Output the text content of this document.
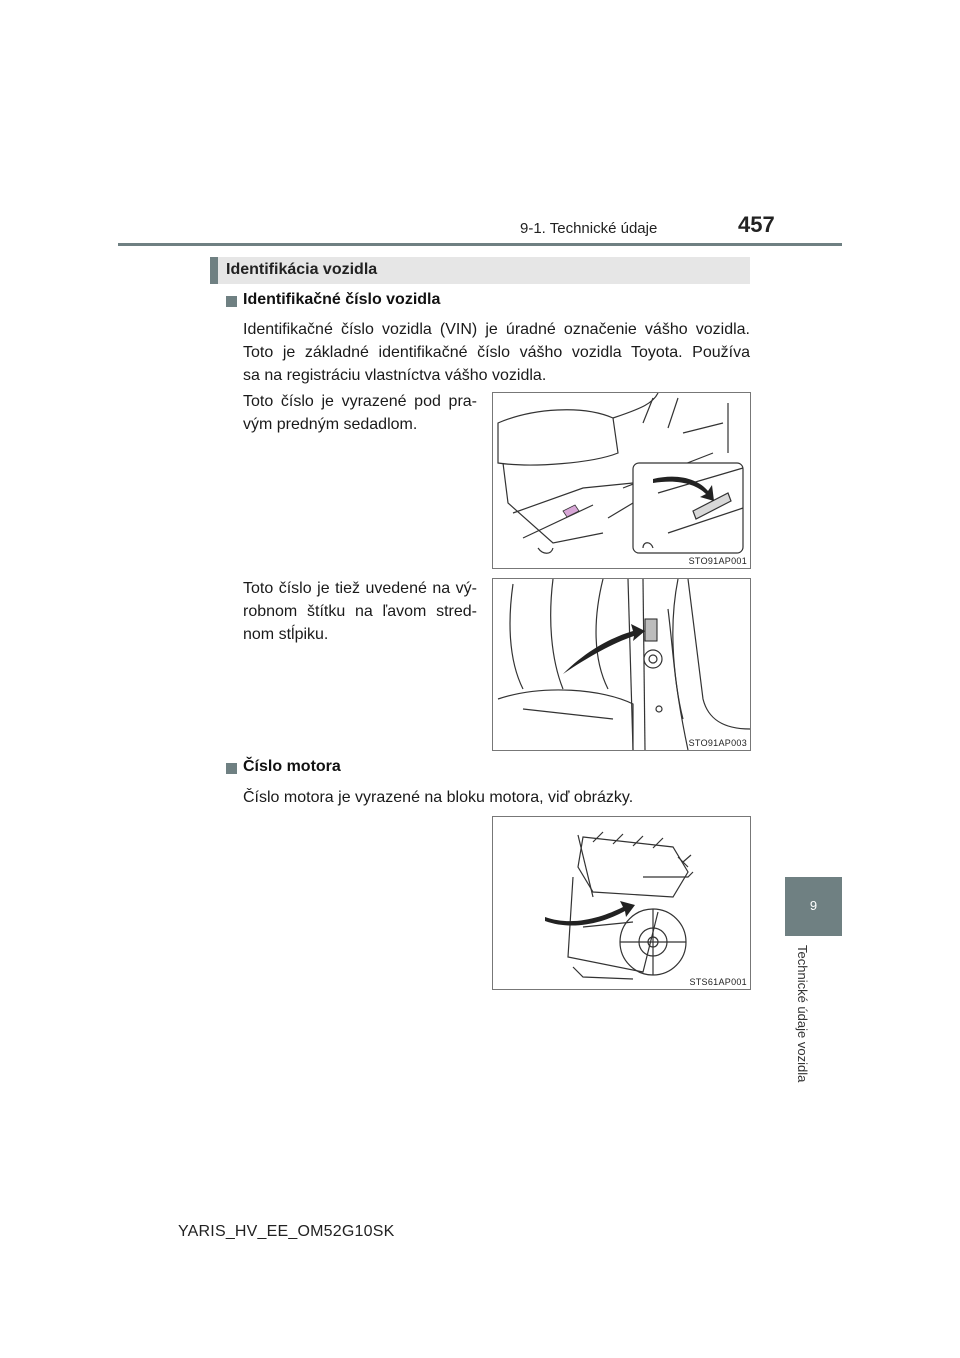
9-1. Technické údaje	457
Identifikácia vozidla
Identifikačné číslo vozidla
Identifikačné číslo vozidla (VIN) je úradné označenie vášho vozidla.
Toto je základné identifikačné číslo vášho vozidla Toyota. Používa
sa na registráciu vlastníctva vášho vozidla.
Toto číslo je vyrazené pod pra-
vým predným sedadlom.
STO91AP001
Toto číslo je tiež uvedené na vý-
robnom štítku na ľavom stred-
nom stĺpiku.
STO91AP003
Číslo motora
Číslo motora je vyrazené na bloku motora, viď obrázky.
STS61AP001
9
Technické údaje vozidla
YARIS_HV_EE_OM52G10SK
